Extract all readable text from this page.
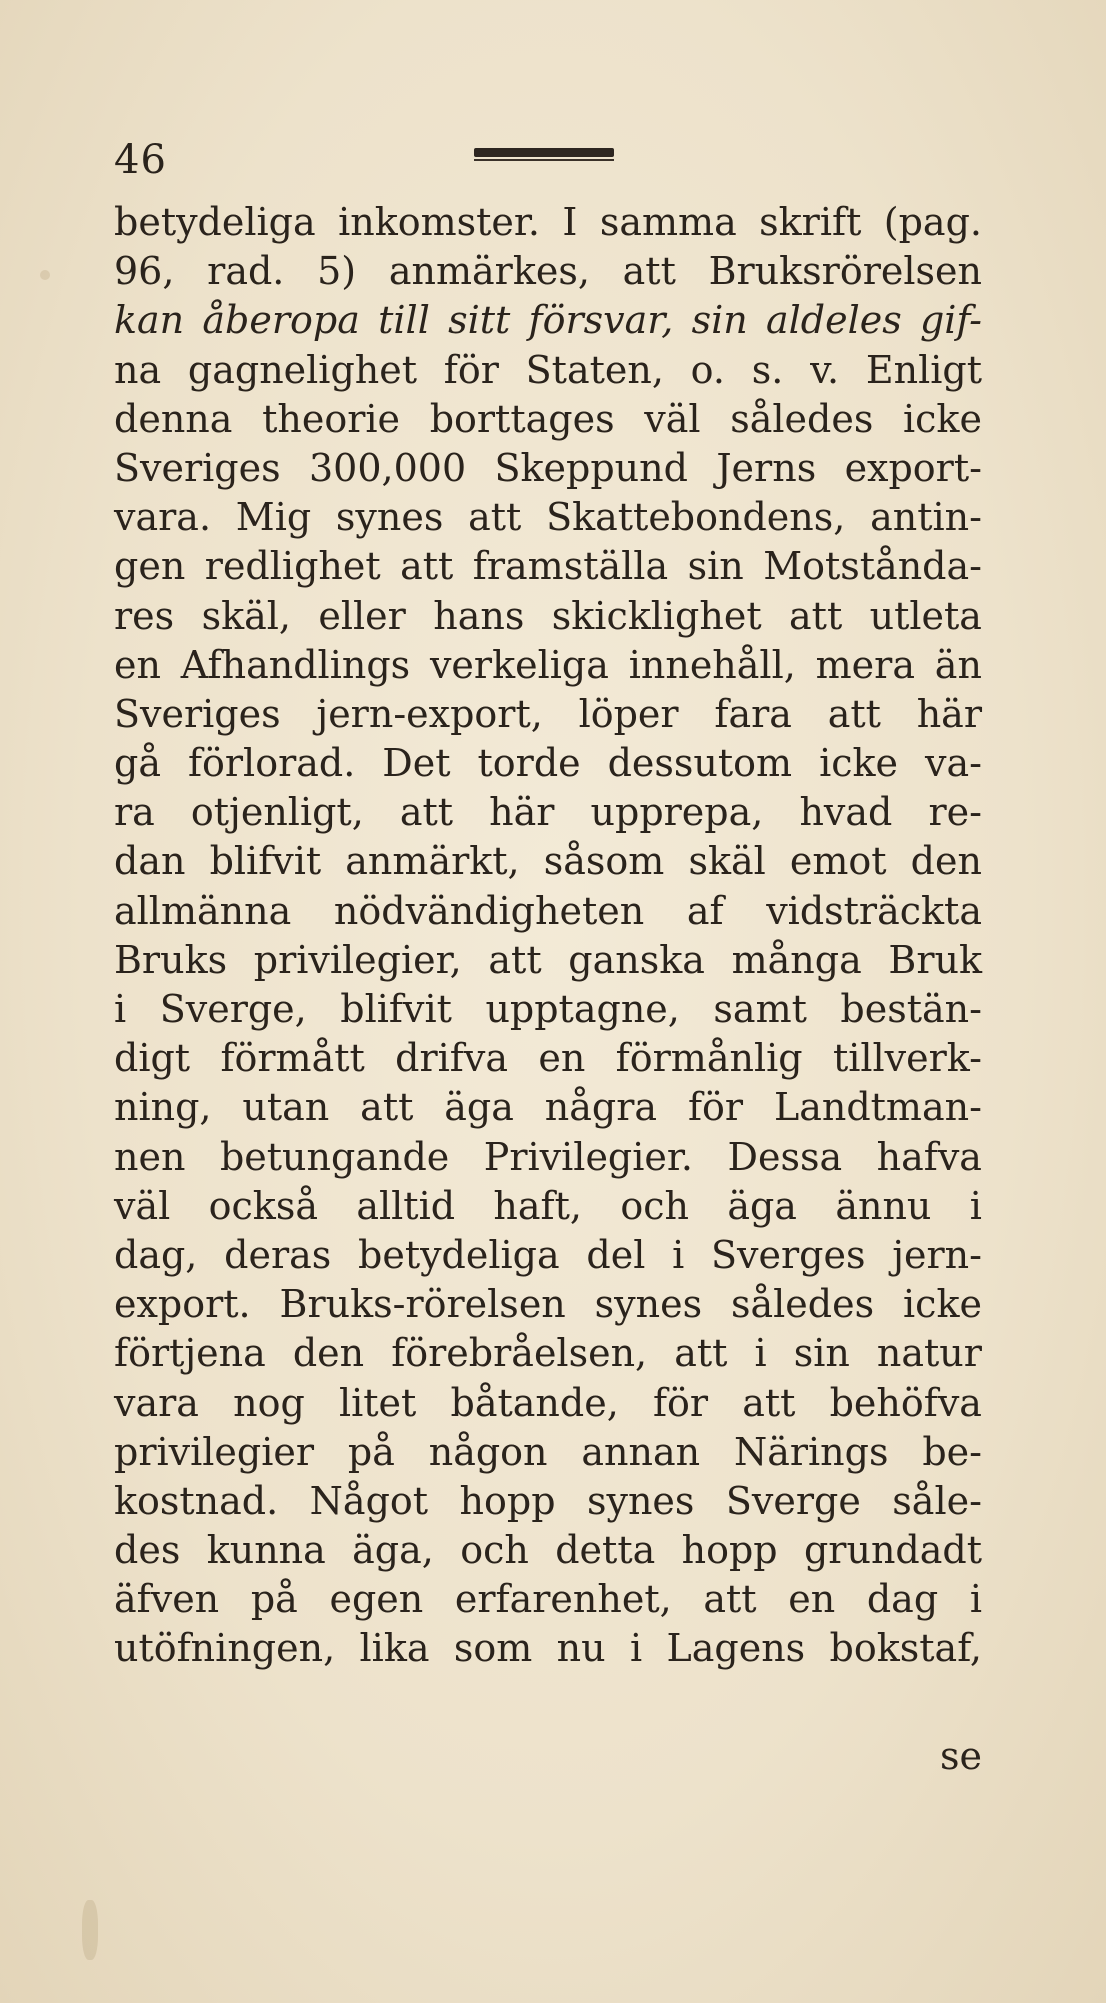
46
betydeliga inkomster. I samma skrift (pag.
96, rad. 5) anmärkes, att Bruksrörelsen
kan åberopa till sitt försvar, sin aldeles gif-
na gagnelighet för Staten, o. s. v. Enligt
denna theorie borttages väl således icke
Sveriges 300,000 Skeppund Jerns export-
vara. Mig synes att Skattebondens, antin-
gen redlighet att framställa sin Motstånda-
res skäl, eller hans skicklighet att utleta
en Afhandlings verkeliga innehåll, mera än
Sveriges jern-export, löper fara att här
gå förlorad. Det torde dessutom icke va-
ra otjenligt, att här upprepa, hvad re-
dan blifvit anmärkt, såsom skäl emot den
allmänna nödvändigheten af vidsträckta
Bruks privilegier, att ganska många Bruk
i Sverge, blifvit upptagne, samt bestän-
digt förmått drifva en förmånlig tillverk-
ning, utan att äga några för Landtman-
nen betungande Privilegier. Dessa hafva
väl också alltid haft, och äga ännu i
dag, deras betydeliga del i Sverges jern-
export. Bruks-rörelsen synes således icke
förtjena den förebråelsen, att i sin natur
vara nog litet båtande, för att behöfva
privilegier på någon annan Närings be-
kostnad. Något hopp synes Sverge såle-
des kunna äga, och detta hopp grundadt
äfven på egen erfarenhet, att en dag i
utöfningen, lika som nu i Lagens bokstaf,
se
